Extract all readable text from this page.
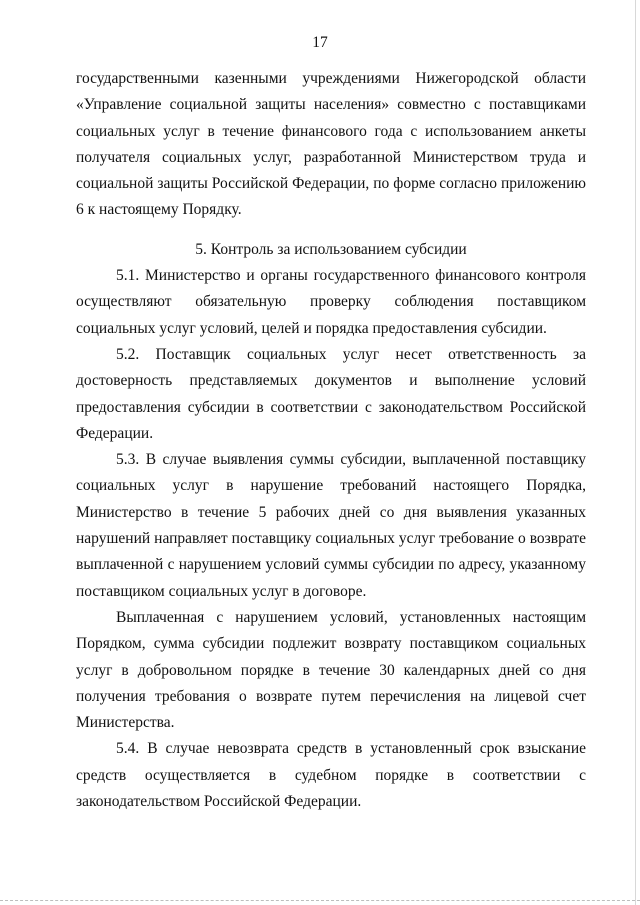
17

государственными казенными учреждениями Нижегородской области «Управление социальной защиты населения» совместно с поставщиками социальных услуг в течение финансового года с использованием анкеты получателя социальных услуг, разработанной Министерством труда и социальной защиты Российской Федерации, по форме согласно приложению 6 к настоящему Порядку.

5. Контроль за использованием субсидии

5.1. Министерство и органы государственного финансового контроля осуществляют обязательную проверку соблюдения поставщиком социальных услуг условий, целей и порядка предоставления субсидии.

5.2. Поставщик социальных услуг несет ответственность за достоверность представляемых документов и выполнение условий предоставления субсидии в соответствии с законодательством Российской Федерации.

5.3. В случае выявления суммы субсидии, выплаченной поставщику социальных услуг в нарушение требований настоящего Порядка, Министерство в течение 5 рабочих дней со дня выявления указанных нарушений направляет поставщику социальных услуг требование о возврате выплаченной с нарушением условий суммы субсидии по адресу, указанному поставщиком социальных услуг в договоре.

Выплаченная с нарушением условий, установленных настоящим Порядком, сумма субсидии подлежит возврату поставщиком социальных услуг в добровольном порядке в течение 30 календарных дней со дня получения требования о возврате путем перечисления на лицевой счет Министерства.

5.4. В случае невозврата средств в установленный срок взыскание средств осуществляется в судебном порядке в соответствии с законодательством Российской Федерации.
